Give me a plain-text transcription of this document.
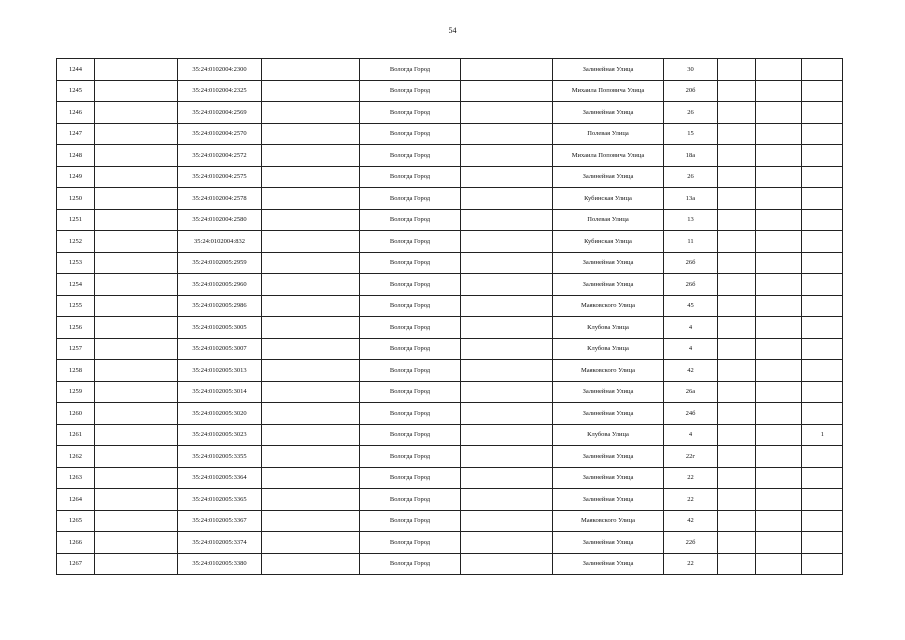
54
1244		35:24:0102004:2300		Вологда Город		Залинейная Улица	30			
1245		35:24:0102004:2325		Вологда Город		Михаила Поповича Улица	20б			
1246		35:24:0102004:2569		Вологда Город		Залинейная Улица	26			
1247		35:24:0102004:2570		Вологда Город		Полевая Улица	15			
1248		35:24:0102004:2572		Вологда Город		Михаила Поповича Улица	18а			
1249		35:24:0102004:2575		Вологда Город		Залинейная Улица	26			
1250		35:24:0102004:2578		Вологда Город		Кубинская Улица	13а			
1251		35:24:0102004:2580		Вологда Город		Полевая Улица	13			
1252		35:24:0102004:832		Вологда Город		Кубинская Улица	11			
1253		35:24:0102005:2959		Вологда Город		Залинейная Улица	26б			
1254		35:24:0102005:2960		Вологда Город		Залинейная Улица	26б			
1255		35:24:0102005:2986		Вологда Город		Маяковского Улица	45			
1256		35:24:0102005:3005		Вологда Город		Клубова Улица	4			
1257		35:24:0102005:3007		Вологда Город		Клубова Улица	4			
1258		35:24:0102005:3013		Вологда Город		Маяковского Улица	42			
1259		35:24:0102005:3014		Вологда Город		Залинейная Улица	26а			
1260		35:24:0102005:3020		Вологда Город		Залинейная Улица	24б			
1261		35:24:0102005:3023		Вологда Город		Клубова Улица	4			1
1262		35:24:0102005:3355		Вологда Город		Залинейная Улица	22г			
1263		35:24:0102005:3364		Вологда Город		Залинейная Улица	22			
1264		35:24:0102005:3365		Вологда Город		Залинейная Улица	22			
1265		35:24:0102005:3367		Вологда Город		Маяковского Улица	42			
1266		35:24:0102005:3374		Вологда Город		Залинейная Улица	22б			
1267		35:24:0102005:3380		Вологда Город		Залинейная Улица	22			
